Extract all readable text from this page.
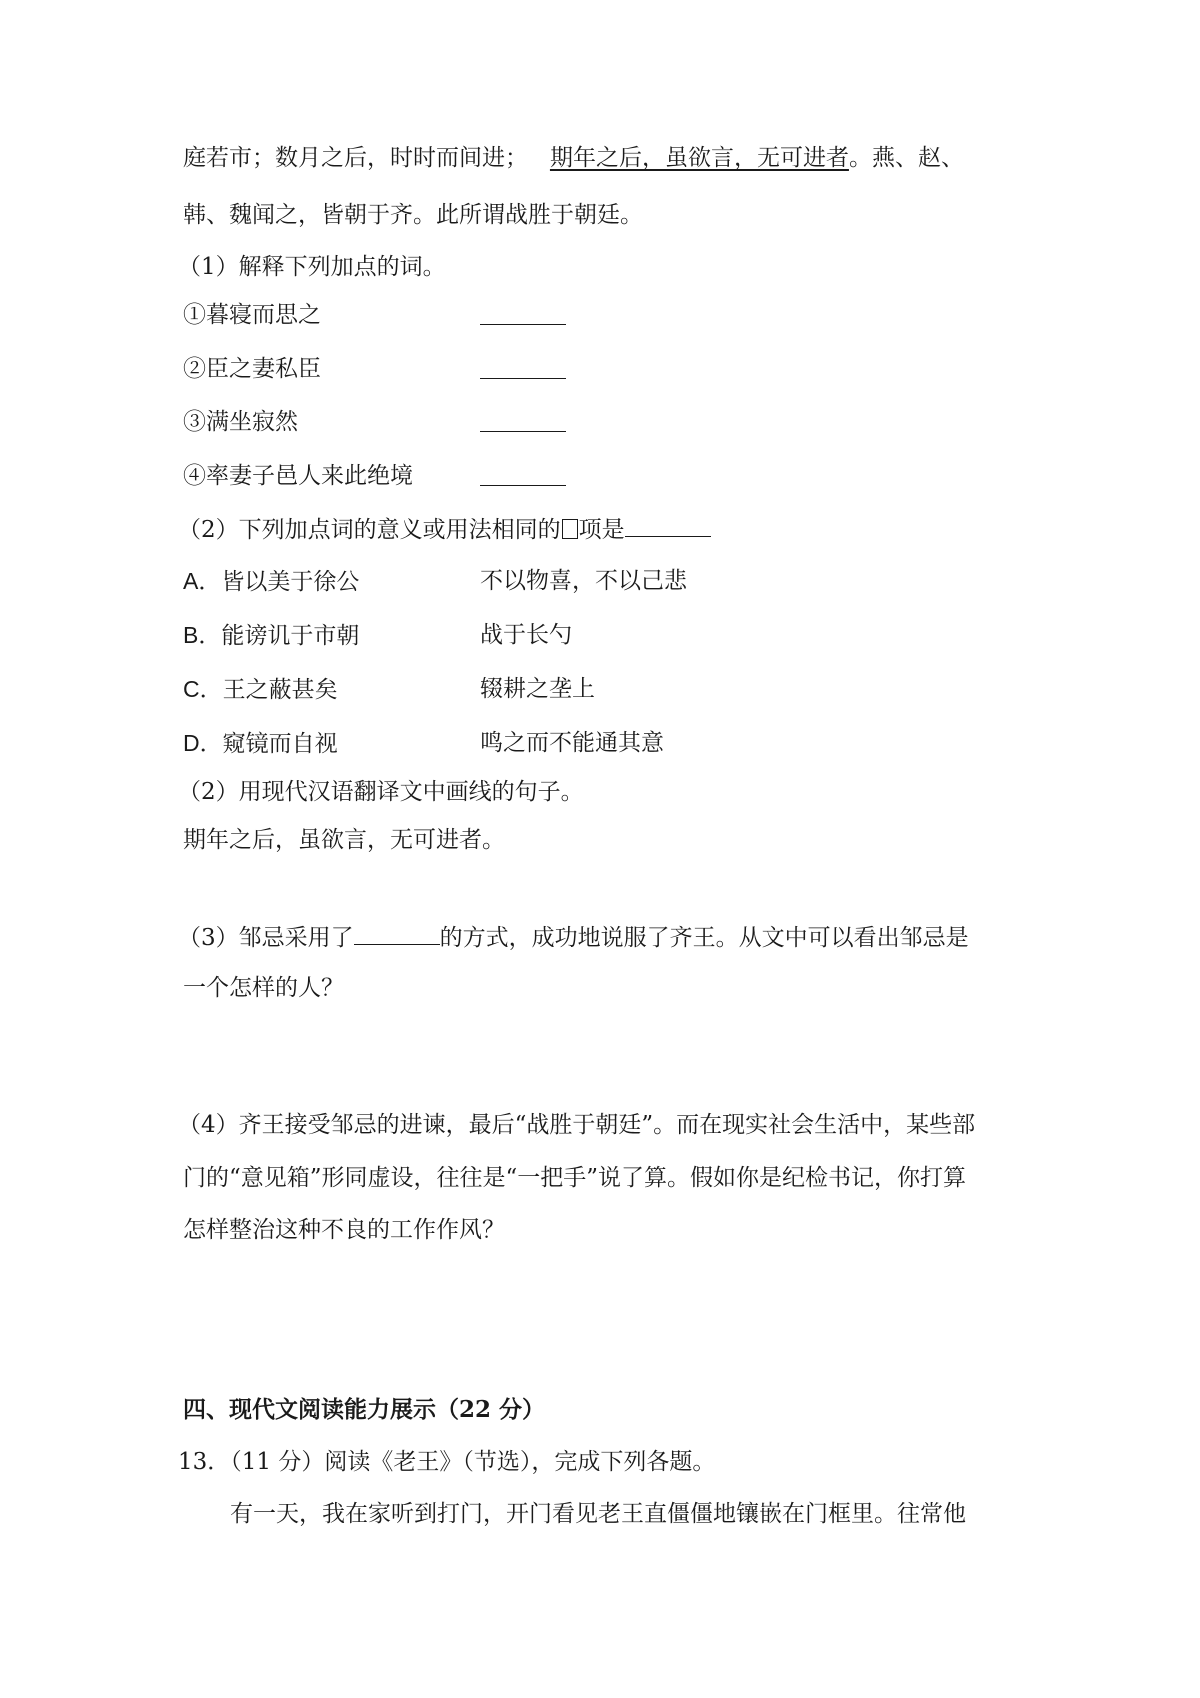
庭若市；数月之后，时时而间进； 期年之后，虽欲言，无可进者。燕、赵、
韩、魏闻之，皆朝于齐。此所谓战胜于朝廷。
（1）解释下列加点的词。
①暮寝而思之
②臣之妻私臣
③满坐寂然
④率妻子邑人来此绝境
（2）下列加点词的意义或用法相同的 项是
A．皆以美于徐公	不以物喜，不以己悲
B．能谤讥于市朝	战于长勺
C．王之蔽甚矣	辍耕之垄上
D．窥镜而自视	鸣之而不能通其意
（2）用现代汉语翻译文中画线的句子。
期年之后，虽欲言，无可进者。
（3）邹忌采用了	的方式，成功地说服了齐王。从文中可以看出邹忌是
一个怎样的人？
（4）齐王接受邹忌的进谏，最后“战胜于朝廷”。而在现实社会生活中，某些部
门的“意见箱”形同虚设，往往是“一把手”说了算。假如你是纪检书记，你打算
怎样整治这种不良的工作作风？
四、现代文阅读能力展示（22 分）
13．（11 分）阅读《老王》（节选），完成下列各题。
有一天，我在家听到打门，开门看见老王直僵僵地镶嵌在门框里。往常他
